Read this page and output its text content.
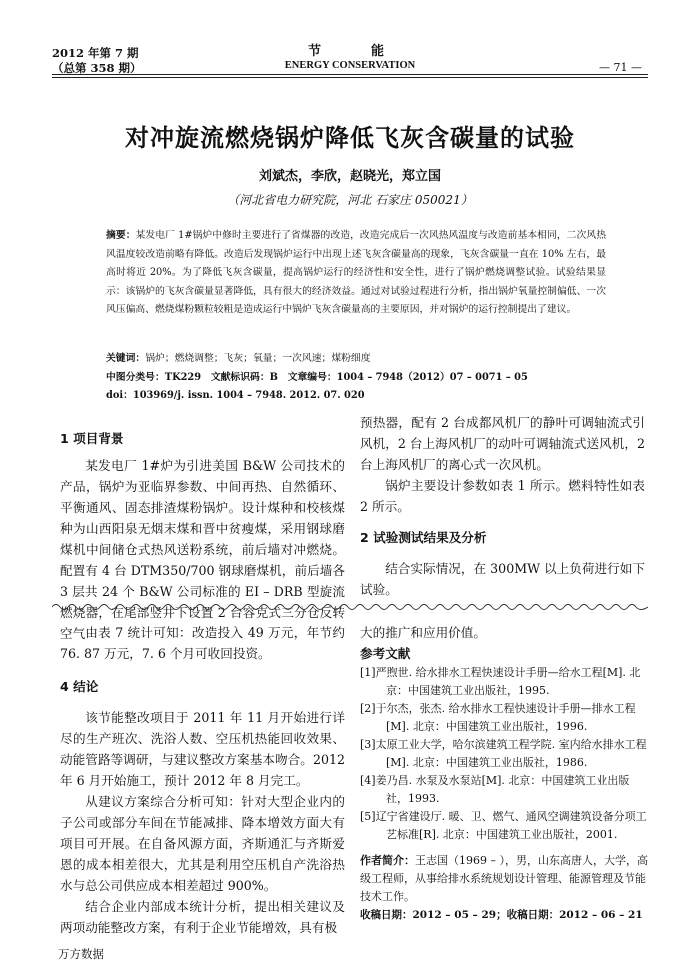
2012 年第 7 期
（总第 358 期）
节　　能
ENERGY CONSERVATION	— 71 —
对冲旋流燃烧锅炉降低飞灰含碳量的试验
刘斌杰，李欣，赵晓光，郑立国
（河北省电力研究院，河北 石家庄 050021）
摘要：某发电厂 1#锅炉中修时主要进行了省煤器的改造，改造完成后一次风热风温度与改造前基本相同，二次风热风温度较改造前略有降低。改造后发现锅炉运行中出现上述飞灰含碳量高的现象，飞灰含碳量一直在 10% 左右，最高时将近 20%。为了降低飞灰含碳量，提高锅炉运行的经济性和安全性，进行了锅炉燃烧调整试验。试验结果显示：该锅炉的飞灰含碳量显著降低，具有很大的经济效益。通过对试验过程进行分析，指出锅炉氧量控制偏低、一次风压偏高、燃烧煤粉颗粒较粗是造成运行中锅炉飞灰含碳量高的主要原因，并对锅炉的运行控制提出了建议。
关键词：锅炉；燃烧调整；飞灰；氧量；一次风速；煤粉细度
中图分类号：TK229　文献标识码：B　文章编号：1004 – 7948（2012）07 – 0071 – 05
doi：103969/j. issn. 1004 – 7948. 2012. 07. 020
1 项目背景

某发电厂 1#炉为引进美国 B&W 公司技术的产品，锅炉为亚临界参数、中间再热、自然循环、平衡通风、固态排渣煤粉锅炉。设计煤种和校核煤种为山西阳泉无烟末煤和晋中贫瘦煤，采用钢球磨煤机中间储仓式热风送粉系统，前后墙对冲燃烧。配置有 4 台 DTM350/700 钢球磨煤机，前后墙各 3 层共 24 个 B&W 公司标准的 EI – DRB 型旋流燃烧器，在尾部竖井下设置 2 台容克式三分仓反转空气

预热器，配有 2 台成都风机厂的静叶可调轴流式引风机，2 台上海风机厂的动叶可调轴流式送风机，2 台上海风机厂的离心式一次风机。

锅炉主要设计参数如表 1 所示。燃料特性如表 2 所示。

2 试验测试结果及分析

结合实际情况，在 300MW 以上负荷进行如下试验。

由表 7 统计可知：改造投入 49 万元，年节约 76. 87 万元，7. 6 个月可收回投资。

4 结论

该节能整改项目于 2011 年 11 月开始进行详尽的生产班次、洗浴人数、空压机热能回收效果、动能管路等调研，与建议整改方案基本吻合。2012 年 6 月开始施工，预计 2012 年 8 月完工。

从建议方案综合分析可知：针对大型企业内的子公司或部分车间在节能减排、降本增效方面大有项目可开展。在自备风源方面，齐斯通汇与齐斯爱恩的成本相差很大，尤其是利用空压机自产洗浴热水与总公司供应成本相差超过 900%。

结合企业内部成本统计分析，提出相关建议及两项动能整改方案，有利于企业节能增效，具有极

大的推广和应用价值。

参考文献
[1]严煦世. 给水排水工程快速设计手册—给水工程[M]. 北京：中国建筑工业出版社，1995.
[2]于尔杰，张杰. 给水排水工程快速设计手册—排水工程[M]. 北京：中国建筑工业出版社，1996.
[3]太原工业大学，哈尔滨建筑工程学院. 室内给水排水工程[M]. 北京：中国建筑工业出版社，1986.
[4]姜乃昌. 水泵及水泵站[M]. 北京：中国建筑工业出版社，1993.
[5]辽宁省建设厅. 暖、卫、燃气、通风空调建筑设备分项工艺标准[R]. 北京：中国建筑工业出版社，2001.
作者简介：王志国（1969 – ），男，山东高唐人，大学，高级工程师，从事给排水系统规划设计管理、能源管理及节能技术工作。
收稿日期：2012 – 05 – 29；收稿日期：2012 – 06 – 21
万方数据
